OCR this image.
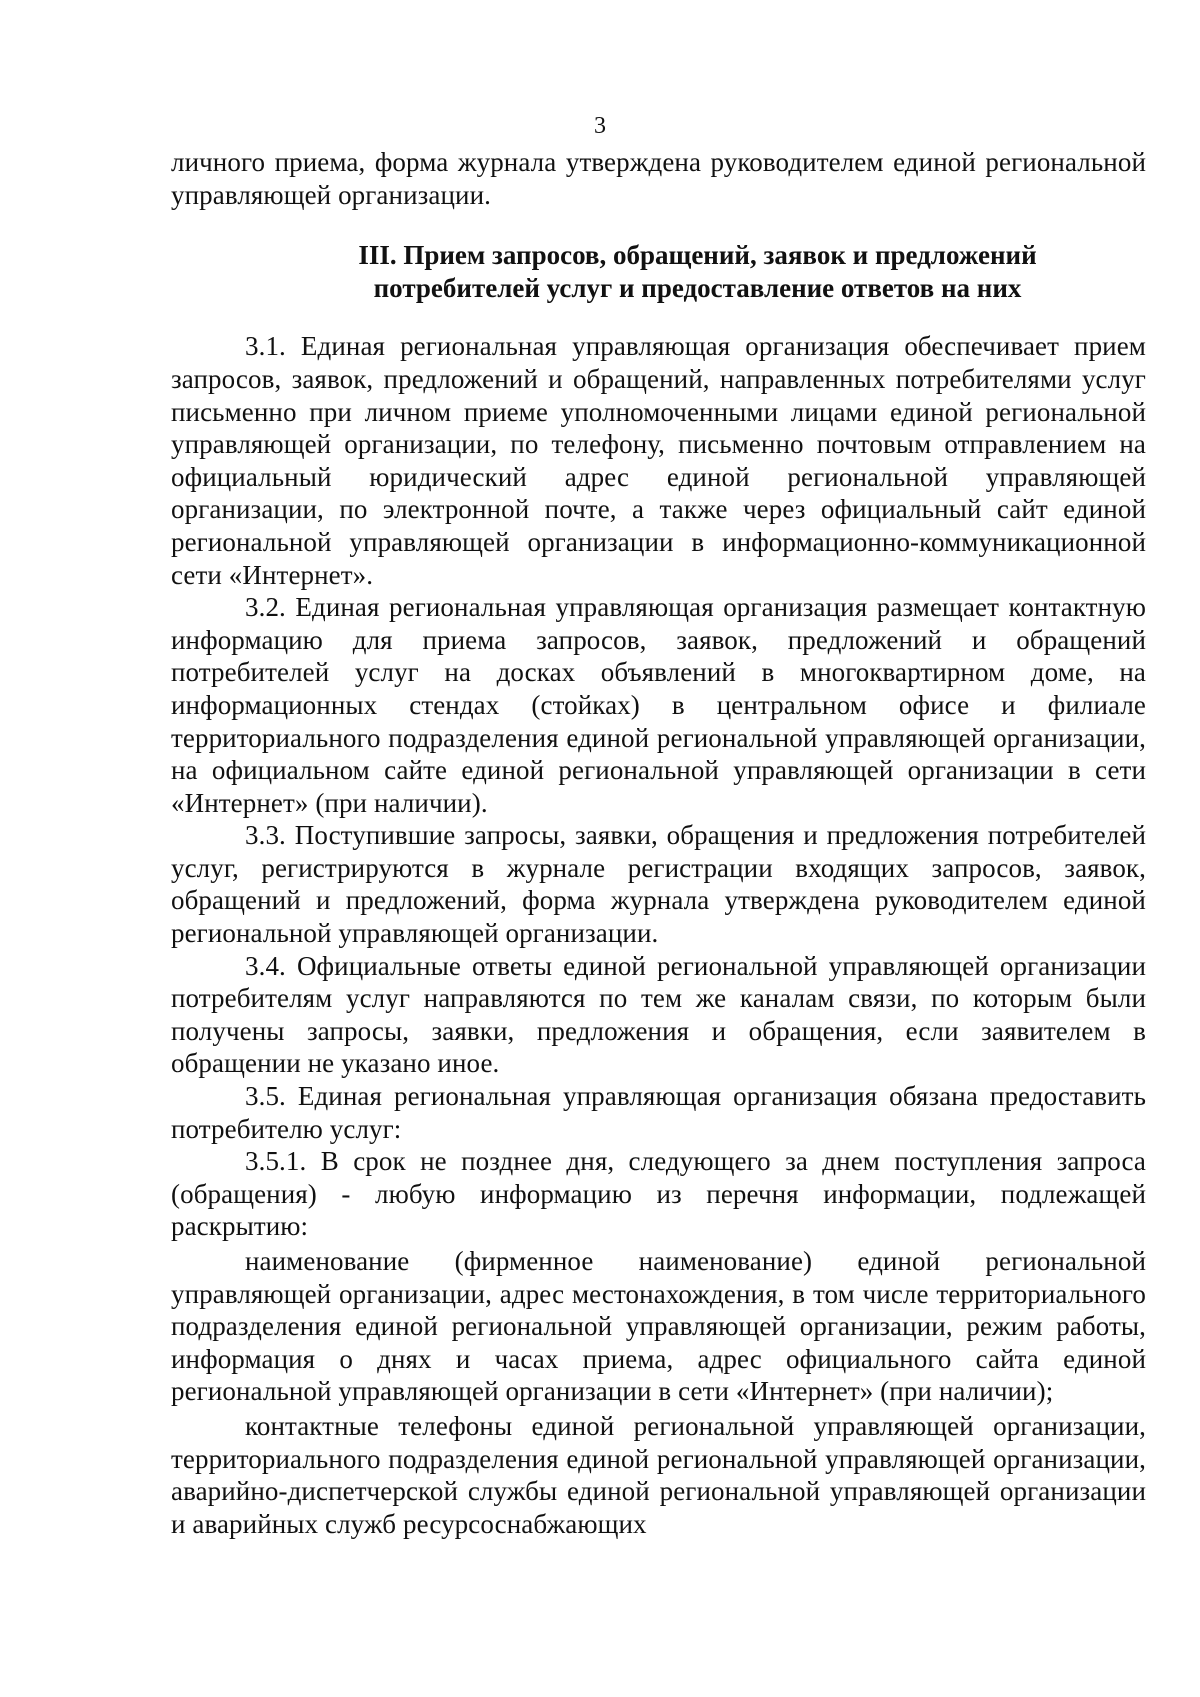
3

личного приема, форма журнала утверждена руководителем единой региональной управляющей организации.

III. Прием запросов, обращений, заявок и предложений
потребителей услуг и предоставление ответов на них

3.1. Единая региональная управляющая организация обеспечивает прием запросов, заявок, предложений и обращений, направленных потребителями услуг письменно при личном приеме уполномоченными лицами единой региональной управляющей организации, по телефону, письменно почтовым отправлением на официальный юридический адрес единой региональной управляющей организации, по электронной почте, а также через официальный сайт единой региональной управляющей организации в информационно-коммуникационной сети «Интернет».

3.2. Единая региональная управляющая организация размещает контактную информацию для приема запросов, заявок, предложений и обращений потребителей услуг на досках объявлений в многоквартирном доме, на информационных стендах (стойках) в центральном офисе и филиале территориального подразделения единой региональной управляющей организации, на официальном сайте единой региональной управляющей организации в сети «Интернет» (при наличии).

3.3. Поступившие запросы, заявки, обращения и предложения потребителей услуг, регистрируются в журнале регистрации входящих запросов, заявок, обращений и предложений, форма журнала утверждена руководителем единой региональной управляющей организации.

3.4. Официальные ответы единой региональной управляющей организации потребителям услуг направляются по тем же каналам связи, по которым были получены запросы, заявки, предложения и обращения, если заявителем в обращении не указано иное.

3.5. Единая региональная управляющая организация обязана предоставить потребителю услуг:

3.5.1. В срок не позднее дня, следующего за днем поступления запроса (обращения) - любую информацию из перечня информации, подлежащей раскрытию:

наименование (фирменное наименование) единой региональной управляющей организации, адрес местонахождения, в том числе территориального подразделения единой региональной управляющей организации, режим работы, информация о днях и часах приема, адрес официального сайта единой региональной управляющей организации в сети «Интернет» (при наличии);

контактные телефоны единой региональной управляющей организации, территориального подразделения единой региональной управляющей организации, аварийно-диспетчерской службы единой региональной управляющей организации и аварийных служб ресурсоснабжающих
